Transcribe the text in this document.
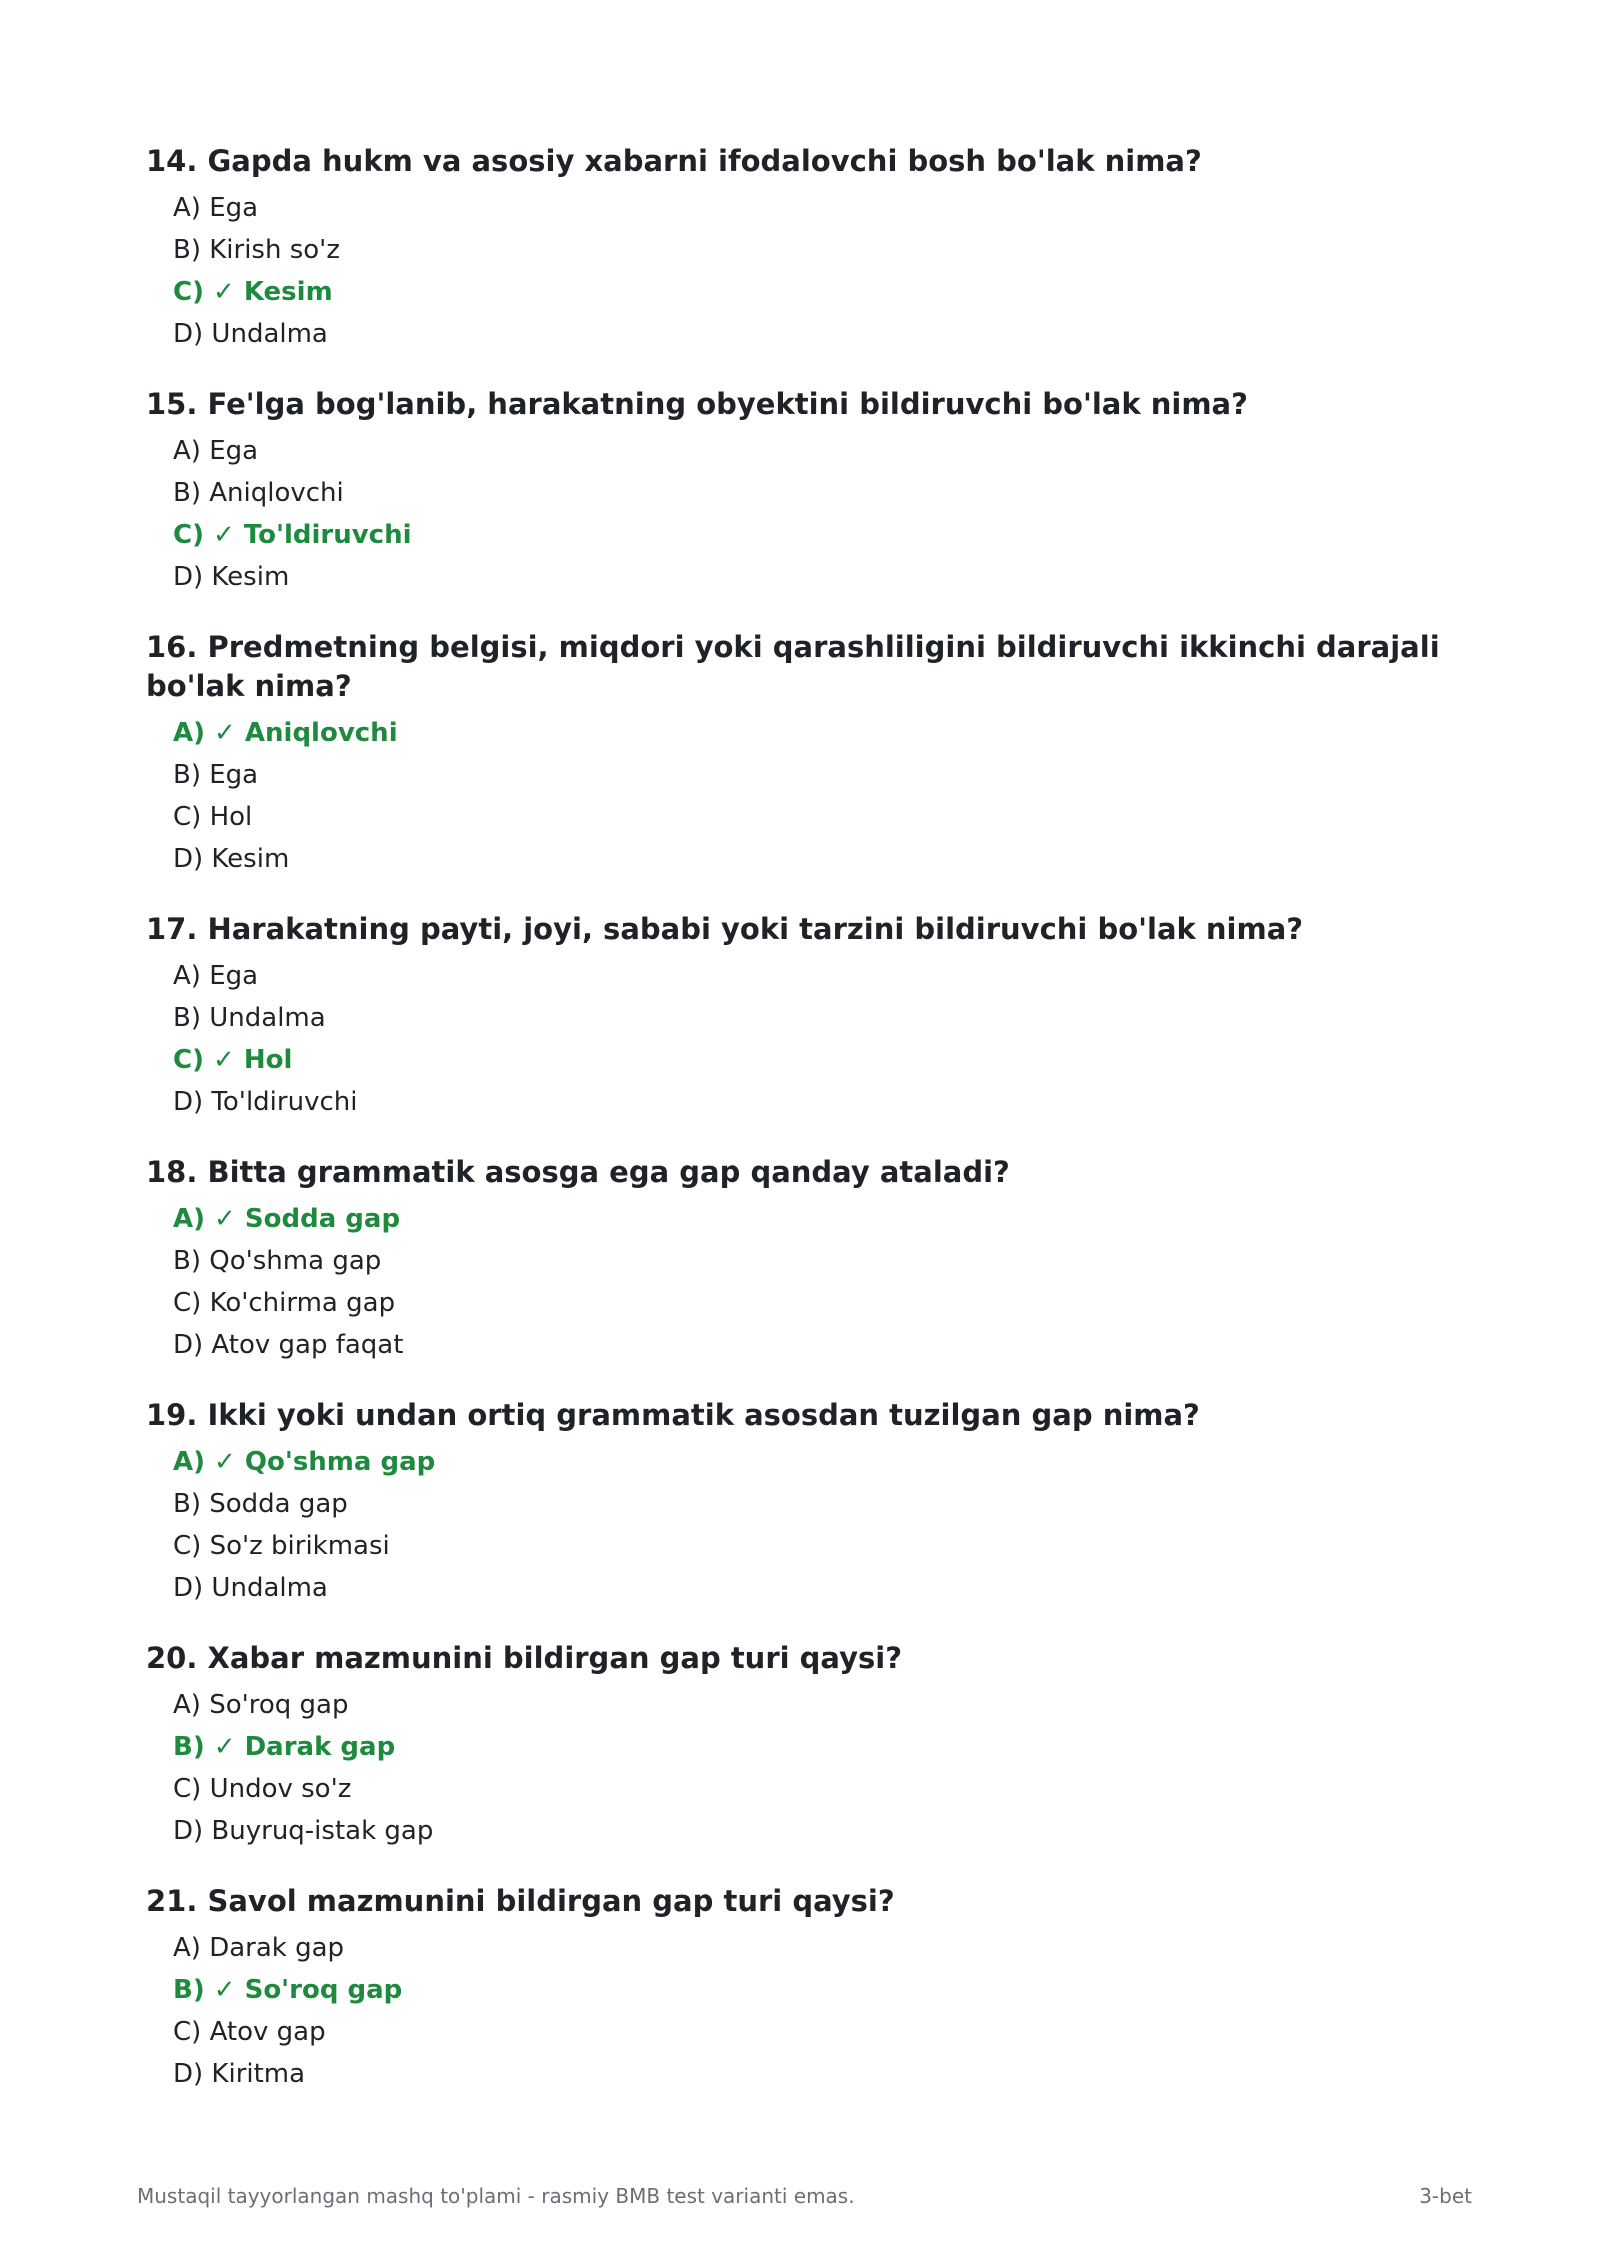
14. Gapda hukm va asosiy xabarni ifodalovchi bosh bo'lak nima?
A) Ega
B) Kirish so'z
C) ✓ Kesim
D) Undalma
15. Fe'lga bog'lanib, harakatning obyektini bildiruvchi bo'lak nima?
A) Ega
B) Aniqlovchi
C) ✓ To'ldiruvchi
D) Kesim
16. Predmetning belgisi, miqdori yoki qarashliligini bildiruvchi ikkinchi darajali bo'lak nima?
A) ✓ Aniqlovchi
B) Ega
C) Hol
D) Kesim
17. Harakatning payti, joyi, sababi yoki tarzini bildiruvchi bo'lak nima?
A) Ega
B) Undalma
C) ✓ Hol
D) To'ldiruvchi
18. Bitta grammatik asosga ega gap qanday ataladi?
A) ✓ Sodda gap
B) Qo'shma gap
C) Ko'chirma gap
D) Atov gap faqat
19. Ikki yoki undan ortiq grammatik asosdan tuzilgan gap nima?
A) ✓ Qo'shma gap
B) Sodda gap
C) So'z birikmasi
D) Undalma
20. Xabar mazmunini bildirgan gap turi qaysi?
A) So'roq gap
B) ✓ Darak gap
C) Undov so'z
D) Buyruq-istak gap
21. Savol mazmunini bildirgan gap turi qaysi?
A) Darak gap
B) ✓ So'roq gap
C) Atov gap
D) Kiritma
Mustaqil tayyorlangan mashq to'plami - rasmiy BMB test varianti emas.	3-bet
